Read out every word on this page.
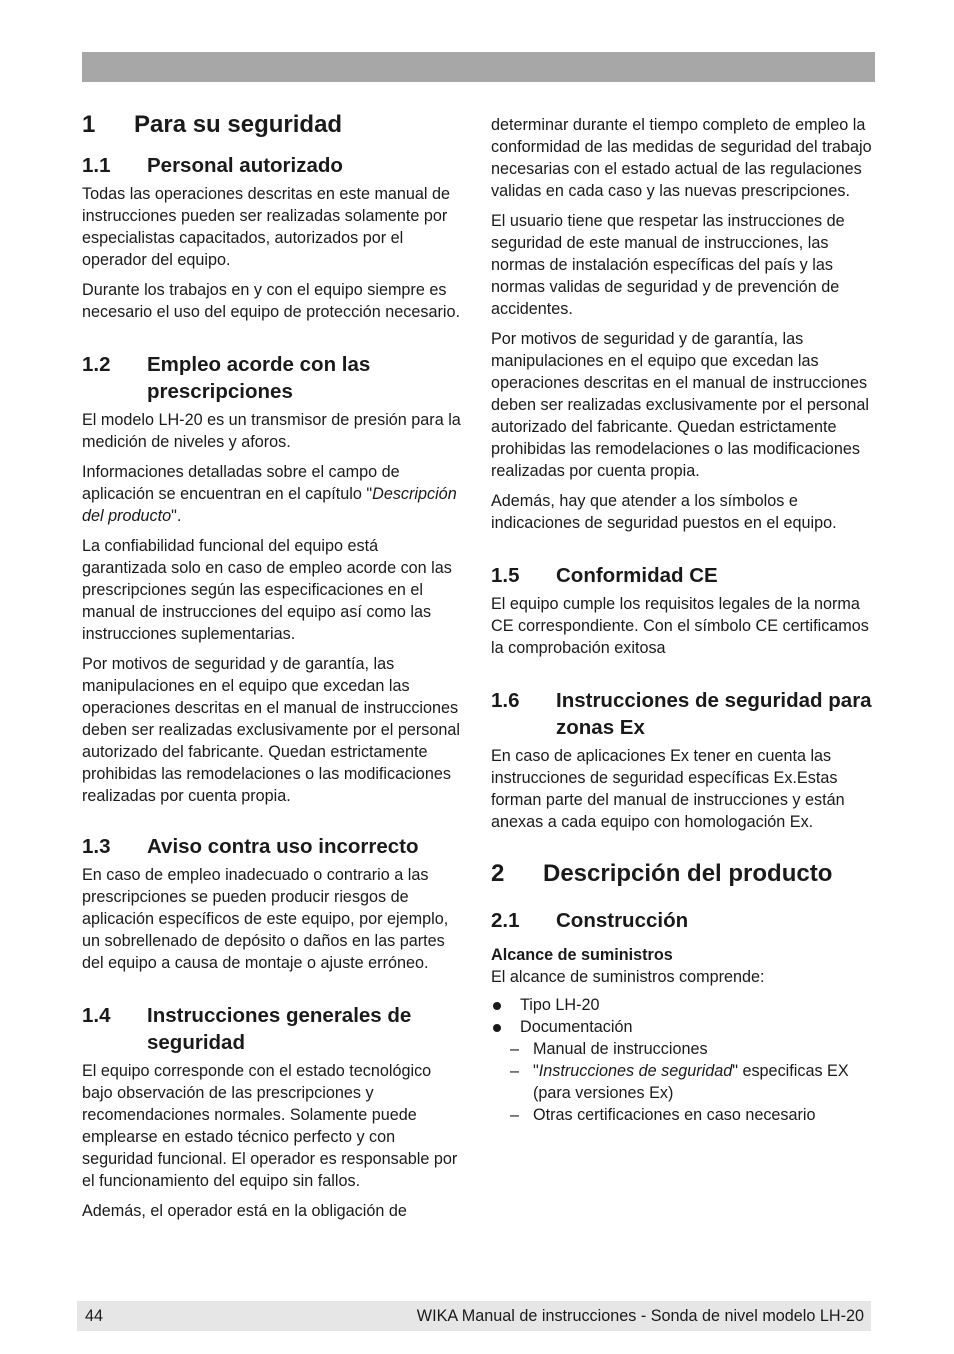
1	Para su seguridad
1.1	Personal autorizado

Todas las operaciones descritas en este manual de instrucciones pueden ser realizadas solamente por especialistas capacitados, autorizados por el operador del equipo.

Durante los trabajos en y con el equipo siempre es necesario el uso del equipo de protección necesario.

1.2	Empleo acorde con las prescripciones

El modelo LH-20 es un transmisor de presión para la medición de niveles y aforos.

Informaciones detalladas sobre el campo de aplicación se encuentran en el capítulo "Descripción del producto".

La confiabilidad funcional del equipo está garantizada solo en caso de empleo acorde con las prescripciones según las especificaciones en el manual de instrucciones del equipo así como las instrucciones suplementarias.

Por motivos de seguridad y de garantía, las manipulaciones en el equipo que excedan las operaciones descritas en el manual de instrucciones deben ser realizadas exclusivamente por el personal autorizado del fabricante. Quedan estrictamente prohibidas las remodelaciones o las modificaciones realizadas por cuenta propia.

1.3	Aviso contra uso incorrecto

En caso de empleo inadecuado o contrario a las prescripciones se pueden producir riesgos de aplicación específicos de este equipo, por ejemplo, un sobrellenado de depósito o daños en las partes del equipo a causa de montaje o ajuste erróneo.

1.4	Instrucciones generales de seguridad

El equipo corresponde con el estado tecnológico bajo observación de las prescripciones y recomendaciones normales. Solamente puede emplearse en estado técnico perfecto y con seguridad funcional. El operador es responsable por el funcionamiento del equipo sin fallos.

Además, el operador está en la obligación de

determinar durante el tiempo completo de empleo la conformidad de las medidas de seguridad del trabajo necesarias con el estado actual de las regulaciones validas en cada caso y las nuevas prescripciones.

El usuario tiene que respetar las instrucciones de seguridad de este manual de instrucciones, las normas de instalación específicas del país y las normas validas de seguridad y de prevención de accidentes.

Por motivos de seguridad y de garantía, las manipulaciones en el equipo que excedan las operaciones descritas en el manual de instrucciones deben ser realizadas exclusivamente por el personal autorizado del fabricante. Quedan estrictamente prohibidas las remodelaciones o las modificaciones realizadas por cuenta propia.

Además, hay que atender a los símbolos e indicaciones de seguridad puestos en el equipo.

1.5	Conformidad CE

El equipo cumple los requisitos legales de la norma CE correspondiente. Con el símbolo CE certificamos la comprobación exitosa

1.6	Instrucciones de seguridad para zonas Ex

En caso de aplicaciones Ex tener en cuenta las instrucciones de seguridad específicas Ex.Estas forman parte del manual de instrucciones y están anexas a cada equipo con homologación Ex.

2	Descripción del producto
2.1	Construcción
Alcance de suministros

El alcance de suministros comprende:

Tipo LH-20
Documentación
– Manual de instrucciones
– "Instrucciones de seguridad" especificas EX (para versiones Ex)
– Otras certificaciones en caso necesario
44	WIKA Manual de instrucciones - Sonda de nivel modelo LH-20
